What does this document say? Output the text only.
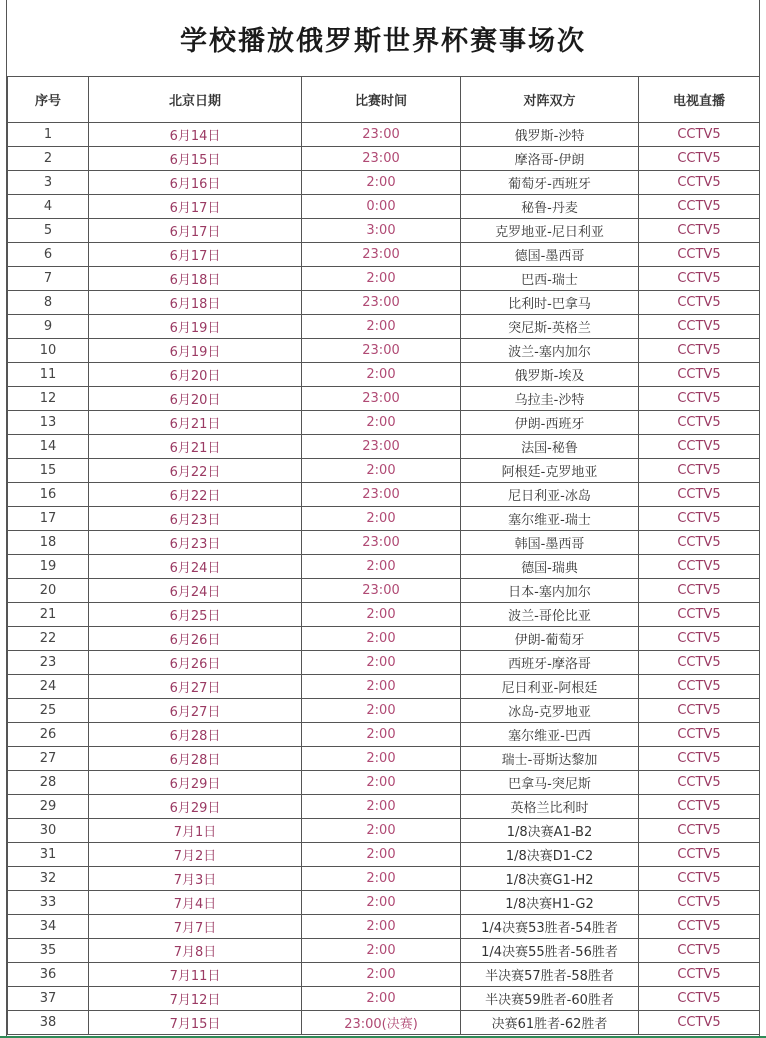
学校播放俄罗斯世界杯赛事场次
序号	北京日期	比赛时间	对阵双方	电视直播
1	6月14日	23:00	俄罗斯-沙特	CCTV5
2	6月15日	23:00	摩洛哥-伊朗	CCTV5
3	6月16日	2:00	葡萄牙-西班牙	CCTV5
4	6月17日	0:00	秘鲁-丹麦	CCTV5
5	6月17日	3:00	克罗地亚-尼日利亚	CCTV5
6	6月17日	23:00	德国-墨西哥	CCTV5
7	6月18日	2:00	巴西-瑞士	CCTV5
8	6月18日	23:00	比利时-巴拿马	CCTV5
9	6月19日	2:00	突尼斯-英格兰	CCTV5
10	6月19日	23:00	波兰-塞内加尔	CCTV5
11	6月20日	2:00	俄罗斯-埃及	CCTV5
12	6月20日	23:00	乌拉圭-沙特	CCTV5
13	6月21日	2:00	伊朗-西班牙	CCTV5
14	6月21日	23:00	法国-秘鲁	CCTV5
15	6月22日	2:00	阿根廷-克罗地亚	CCTV5
16	6月22日	23:00	尼日利亚-冰岛	CCTV5
17	6月23日	2:00	塞尔维亚-瑞士	CCTV5
18	6月23日	23:00	韩国-墨西哥	CCTV5
19	6月24日	2:00	德国-瑞典	CCTV5
20	6月24日	23:00	日本-塞内加尔	CCTV5
21	6月25日	2:00	波兰-哥伦比亚	CCTV5
22	6月26日	2:00	伊朗-葡萄牙	CCTV5
23	6月26日	2:00	西班牙-摩洛哥	CCTV5
24	6月27日	2:00	尼日利亚-阿根廷	CCTV5
25	6月27日	2:00	冰岛-克罗地亚	CCTV5
26	6月28日	2:00	塞尔维亚-巴西	CCTV5
27	6月28日	2:00	瑞士-哥斯达黎加	CCTV5
28	6月29日	2:00	巴拿马-突尼斯	CCTV5
29	6月29日	2:00	英格兰比利时	CCTV5
30	7月1日	2:00	1/8决赛A1-B2	CCTV5
31	7月2日	2:00	1/8决赛D1-C2	CCTV5
32	7月3日	2:00	1/8决赛G1-H2	CCTV5
33	7月4日	2:00	1/8决赛H1-G2	CCTV5
34	7月7日	2:00	1/4决赛53胜者-54胜者	CCTV5
35	7月8日	2:00	1/4决赛55胜者-56胜者	CCTV5
36	7月11日	2:00	半决赛57胜者-58胜者	CCTV5
37	7月12日	2:00	半决赛59胜者-60胜者	CCTV5
38	7月15日	23:00(决赛)	决赛61胜者-62胜者	CCTV5
